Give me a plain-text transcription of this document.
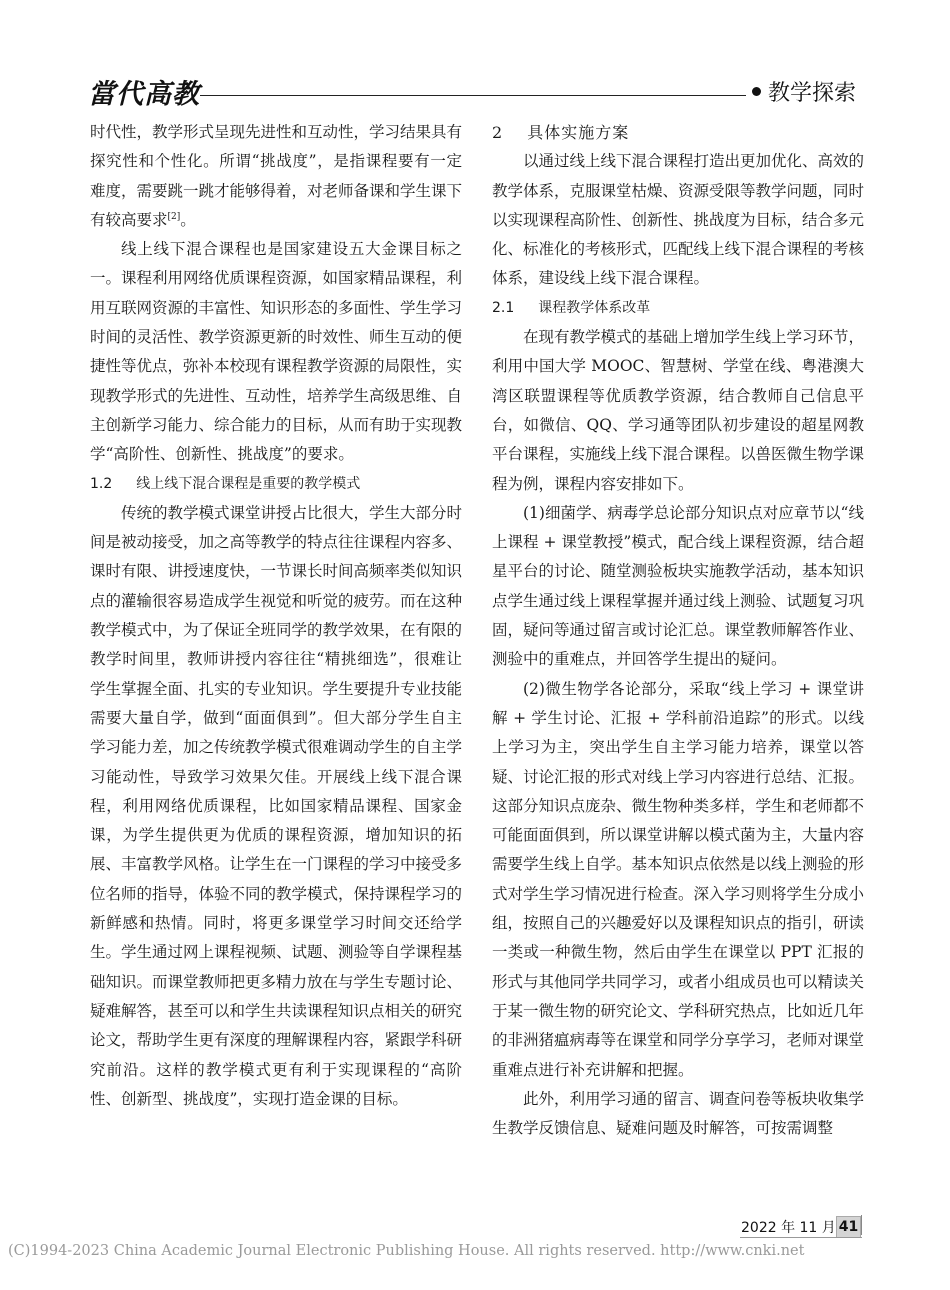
當代高教	教学探索

时代性，教学形式呈现先进性和互动性，学习结果具有探究性和个性化。所谓“挑战度”，是指课程要有一定难度，需要跳一跳才能够得着，对老师备课和学生课下有较高要求[2]。

线上线下混合课程也是国家建设五大金课目标之一。课程利用网络优质课程资源，如国家精品课程，利用互联网资源的丰富性、知识形态的多面性、学生学习时间的灵活性、教学资源更新的时效性、师生互动的便捷性等优点，弥补本校现有课程教学资源的局限性，实现教学形式的先进性、互动性，培养学生高级思维、自主创新学习能力、综合能力的目标，从而有助于实现教学“高阶性、创新性、挑战度”的要求。

1.2 线上线下混合课程是重要的教学模式

传统的教学模式课堂讲授占比很大，学生大部分时间是被动接受，加之高等教学的特点往往课程内容多、课时有限、讲授速度快，一节课长时间高频率类似知识点的灌输很容易造成学生视觉和听觉的疲劳。而在这种教学模式中，为了保证全班同学的教学效果，在有限的教学时间里，教师讲授内容往往“精挑细选”，很难让学生掌握全面、扎实的专业知识。学生要提升专业技能需要大量自学，做到“面面俱到”。但大部分学生自主学习能力差，加之传统教学模式很难调动学生的自主学习能动性，导致学习效果欠佳。开展线上线下混合课程，利用网络优质课程，比如国家精品课程、国家金课，为学生提供更为优质的课程资源，增加知识的拓展、丰富教学风格。让学生在一门课程的学习中接受多位名师的指导，体验不同的教学模式，保持课程学习的新鲜感和热情。同时，将更多课堂学习时间交还给学生。学生通过网上课程视频、试题、测验等自学课程基础知识。而课堂教师把更多精力放在与学生专题讨论、疑难解答，甚至可以和学生共读课程知识点相关的研究论文，帮助学生更有深度的理解课程内容，紧跟学科研究前沿。这样的教学模式更有利于实现课程的“高阶性、创新型、挑战度”，实现打造金课的目标。

2 具体实施方案

以通过线上线下混合课程打造出更加优化、高效的教学体系，克服课堂枯燥、资源受限等教学问题，同时以实现课程高阶性、创新性、挑战度为目标，结合多元化、标准化的考核形式，匹配线上线下混合课程的考核体系，建设线上线下混合课程。

2.1 课程教学体系改革

在现有教学模式的基础上增加学生线上学习环节，利用中国大学 MOOC、智慧树、学堂在线、粤港澳大湾区联盟课程等优质教学资源，结合教师自己信息平台，如微信、QQ、学习通等团队初步建设的超星网教平台课程，实施线上线下混合课程。以兽医微生物学课程为例，课程内容安排如下。

(1)细菌学、病毒学总论部分知识点对应章节以“线上课程 + 课堂教授”模式，配合线上课程资源，结合超星平台的讨论、随堂测验板块实施教学活动，基本知识点学生通过线上课程掌握并通过线上测验、试题复习巩固，疑问等通过留言或讨论汇总。课堂教师解答作业、测验中的重难点，并回答学生提出的疑问。

(2)微生物学各论部分，采取“线上学习 + 课堂讲解 + 学生讨论、汇报 + 学科前沿追踪”的形式。以线上学习为主，突出学生自主学习能力培养，课堂以答疑、讨论汇报的形式对线上学习内容进行总结、汇报。这部分知识点庞杂、微生物种类多样，学生和老师都不可能面面俱到，所以课堂讲解以模式菌为主，大量内容需要学生线上自学。基本知识点依然是以线上测验的形式对学生学习情况进行检查。深入学习则将学生分成小组，按照自己的兴趣爱好以及课程知识点的指引，研读一类或一种微生物，然后由学生在课堂以 PPT 汇报的形式与其他同学共同学习，或者小组成员也可以精读关于某一微生物的研究论文、学科研究热点，比如近几年的非洲猪瘟病毒等在课堂和同学分享学习，老师对课堂重难点进行补充讲解和把握。

此外，利用学习通的留言、调查问卷等板块收集学生教学反馈信息、疑难问题及时解答，可按需调整

2022 年 11 月 41
(C)1994-2023 China Academic Journal Electronic Publishing House. All rights reserved. http://www.cnki.net
